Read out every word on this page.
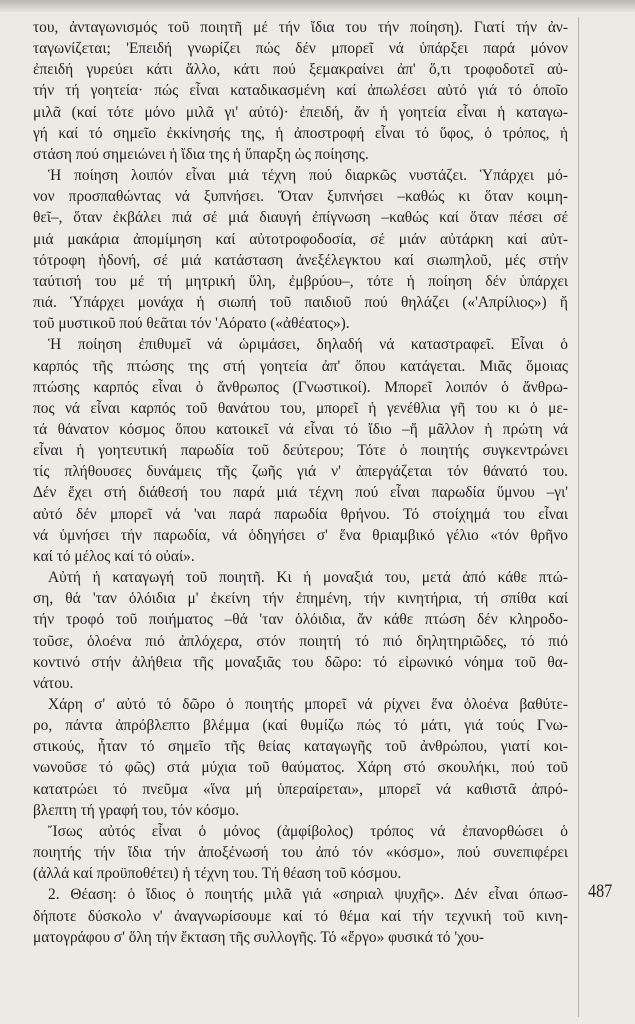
του, ἀνταγωνισμός τοῦ ποιητῆ μέ τήν ἴδια του τήν ποίηση). Γιατί τήν ἀν-
ταγωνίζεται; 'Επειδή γνωρίζει πώς δέν μπορεῖ νά ὑπάρξει παρά μόνον
ἐπειδή γυρεύει κάτι ἄλλο, κάτι πού ξεμακραίνει ἀπ' ὅ,τι τροφοδοτεῖ αὐ-
τήν τή γοητεία· πώς εἶναι καταδικασμένη καί ἀπωλέσει αὐτό γιά τό ὁποῖο
μιλᾶ (καί τότε μόνο μιλᾶ γι' αὐτό)· ἐπειδή, ἄν ἡ γοητεία εἶναι ἡ καταγω-
γή καί τό σημεῖο ἐκκίνησής της, ἡ ἀποστροφή εἶναι τό ὕφος, ὁ τρόπος, ἡ
στάση πού σημειώνει ἡ ἴδια της ἡ ὕπαρξη ὡς ποίησης.

Ἡ ποίηση λοιπόν εἶναι μιά τέχνη πού διαρκῶς νυστάζει. Ὑπάρχει μό-
νον προσπαθώντας νά ξυπνήσει. Ὅταν ξυπνήσει –καθώς κι ὅταν κοιμη-
θεῖ–, ὅταν ἐκβάλει πιά σέ μιά διαυγή ἐπίγνωση –καθώς καί ὅταν πέσει σέ
μιά μακάρια ἀπομίμηση καί αὐτοτροφοδοσία, σέ μιάν αὐτάρκη καί αὐτ-
τότροφη ἡδονή, σέ μιά κατάσταση ἀνεξέλεγκτου καί σιωπηλοῦ, μές στήν
ταύτισή του μέ τή μητρική ὕλη, ἐμβρύου–, τότε ἡ ποίηση δέν ὑπάρχει
πιά. Ὑπάρχει μονάχα ἡ σιωπή τοῦ παιδιοῦ πού θηλάζει («'Απρίλιος») ἤ
τοῦ μυστικοῦ πού θεᾶται τόν 'Αόρατο («ἀθέατος»).

Ἡ ποίηση ἐπιθυμεῖ νά ὡριμάσει, δηλαδή νά καταστραφεῖ. Εἶναι ὁ
καρπός τῆς πτώσης της στή γοητεία ἀπ' ὅπου κατάγεται. Μιᾶς ὅμοιας
πτώσης καρπός εἶναι ὁ ἄνθρωπος (Γνωστικοί). Μπορεῖ λοιπόν ὁ ἄνθρω-
πος νά εἶναι καρπός τοῦ θανάτου του, μπορεῖ ἡ γενέθλια γῆ του κι ὁ με-
τά θάνατον κόσμος ὅπου κατοικεῖ νά εἶναι τό ἴδιο –ἤ μᾶλλον ἡ πρώτη νά
εἶναι ἡ γοητευτική παρωδία τοῦ δεύτερου; Τότε ὁ ποιητής συγκεντρώνει
τίς πλήθουσες δυνάμεις τῆς ζωῆς γιά ν' ἀπεργάζεται τόν θάνατό του.
Δέν ἔχει στή διάθεσή του παρά μιά τέχνη πού εἶναι παρωδία ὕμνου –γι'
αὐτό δέν μπορεῖ νά 'ναι παρά παρωδία θρήνου. Τό στοίχημά του εἶναι
νά ὑμνήσει τήν παρωδία, νά ὁδηγήσει σ' ἕνα θριαμβικό γέλιο «τόν θρῆνο
καί τό μέλος καί τό οὐαί».

Αὐτή ἡ καταγωγή τοῦ ποιητῆ. Κι ἡ μοναξιά του, μετά ἀπό κάθε πτώ-
ση, θά 'ταν ὁλόιδια μ' ἐκείνη τήν ἐπημένη, τήν κινητήρια, τή σπίθα καί
τήν τροφό τοῦ ποιήματος –θά 'ταν ὁλόιδια, ἄν κάθε πτώση δέν κληροδο-
τοῦσε, ὁλοένα πιό ἀπλόχερα, στόν ποιητή τό πιό δηλητηριῶδες, τό πιό
κοντινό στήν ἀλήθεια τῆς μοναξιᾶς του δῶρο: τό εἰρωνικό νόημα τοῦ θα-
νάτου.

Χάρη σ' αὐτό τό δῶρο ὁ ποιητής μπορεῖ νά ρίχνει ἕνα ὁλοένα βαθύτε-
ρο, πάντα ἀπρόβλεπτο βλέμμα (καί θυμίζω πώς τό μάτι, γιά τούς Γνω-
στικούς, ἦταν τό σημεῖο τῆς θείας καταγωγῆς τοῦ ἀνθρώπου, γιατί κοι-
νωνοῦσε τό φῶς) στά μύχια τοῦ θαύματος. Χάρη στό σκουλήκι, πού τοῦ
κατατρώει τό πνεῦμα «ἵνα μή ὑπεραίρεται», μπορεῖ νά καθιστᾶ ἀπρό-
βλεπτη τή γραφή του, τόν κόσμο.

Ἴσως αὐτός εἶναι ὁ μόνος (ἀμφίβολος) τρόπος νά ἐπανορθώσει ὁ
ποιητής τήν ἴδια τήν ἀποξένωσή του ἀπό τόν «κόσμο», πού συνεπιφέρει
(ἀλλά καί προϋποθέτει) ἡ τέχνη του. Τή θέαση τοῦ κόσμου.

2. Θέαση: ὁ ἴδιος ὁ ποιητής μιλᾶ γιά «σηριαλ ψυχῆς». Δέν εἶναι όπωσ-
δήποτε δύσκολο ν' ἀναγνωρίσουμε καί τό θέμα καί τήν τεχνική τοῦ κινη-
ματογράφου σ' ὅλη τήν ἔκταση τῆς συλλογῆς. Τό «ἔργο» φυσικά τό 'χου-

487
